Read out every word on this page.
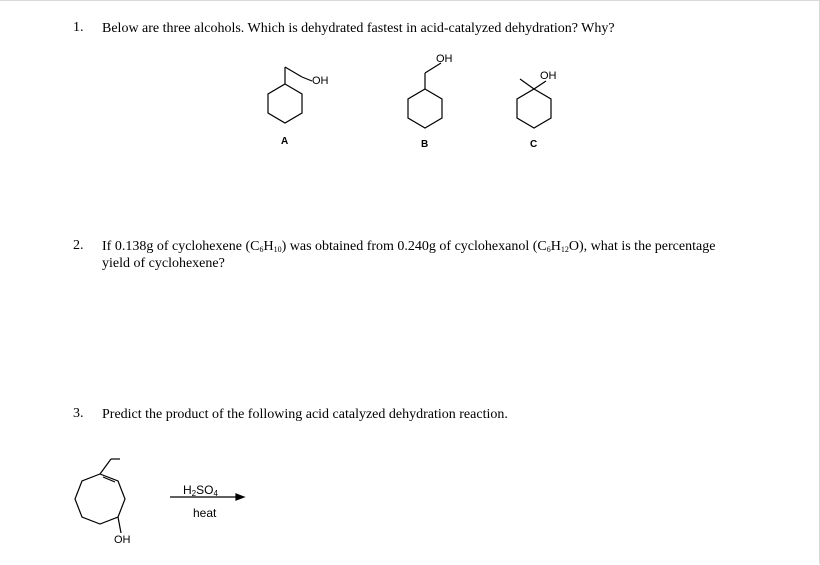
1. Below are three alcohols. Which is dehydrated fastest in acid-catalyzed dehydration? Why?
OH
A
OH
B
OH
C
2. If 0.138g of cyclohexene $(C_6H_{10})$ was obtained from 0.240g of cyclohexanol $(C_6H_{12}O)$, what is the percentage
yield of cyclohexene?
3. Predict the product of the following acid catalyzed dehydration reaction.
OH
$H_2SO_4$
heat
